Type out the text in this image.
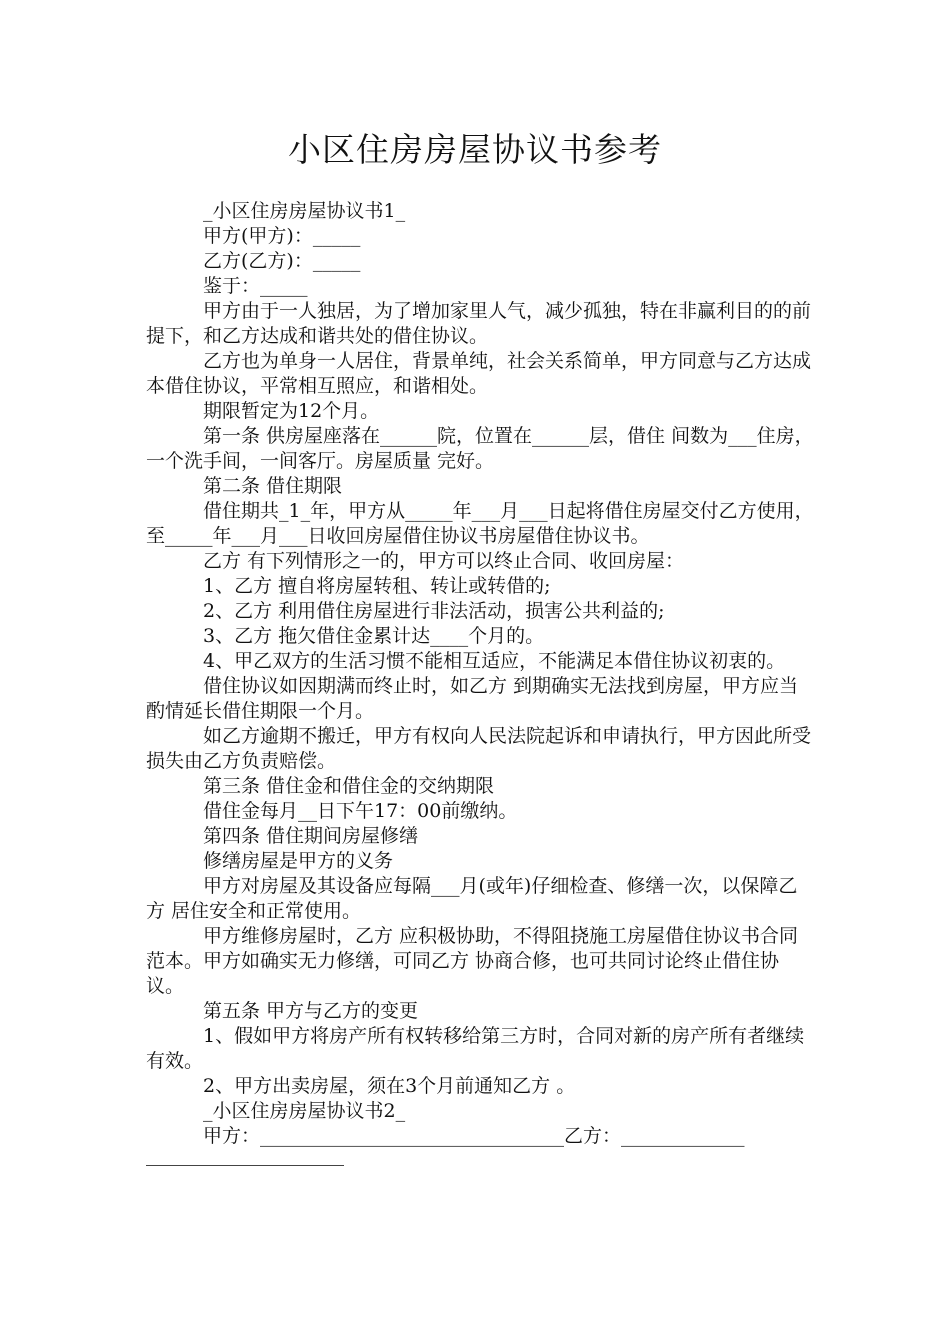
小区住房房屋协议书参考

_小区住房房屋协议书1_

甲方(甲方)：_____

乙方(乙方)：_____

鉴于：_____

甲方由于一人独居，为了增加家里人气，减少孤独，特在非赢利目的的前提下，和乙方达成和谐共处的借住协议。

乙方也为单身一人居住，背景单纯，社会关系简单，甲方同意与乙方达成本借住协议，平常相互照应，和谐相处。

期限暂定为12个月。

第一条 供房屋座落在______院，位置在______层，借住 间数为___住房，一个洗手间，一间客厅。房屋质量 完好。

第二条 借住期限

借住期共_1_年，甲方从_____年___月___日起将借住房屋交付乙方使用，至_____年___月___日收回房屋借住协议书房屋借住协议书。

乙方 有下列情形之一的，甲方可以终止合同、收回房屋：

1、乙方 擅自将房屋转租、转让或转借的;

2、乙方 利用借住房屋进行非法活动，损害公共利益的;

3、乙方 拖欠借住金累计达____个月的。

4、甲乙双方的生活习惯不能相互适应，不能满足本借住协议初衷的。

借住协议如因期满而终止时，如乙方 到期确实无法找到房屋，甲方应当酌情延长借住期限一个月。

如乙方逾期不搬迁，甲方有权向人民法院起诉和申请执行，甲方因此所受损失由乙方负责赔偿。

第三条 借住金和借住金的交纳期限

借住金每月__日下午17：00前缴纳。

第四条 借住期间房屋修缮

修缮房屋是甲方的义务

甲方对房屋及其设备应每隔___月(或年)仔细检查、修缮一次，以保障乙方 居住安全和正常使用。

甲方维修房屋时，乙方 应积极协助，不得阻挠施工房屋借住协议书合同范本。甲方如确实无力修缮，可同乙方 协商合修，也可共同讨论终止借住协议。

第五条 甲方与乙方的变更

1、假如甲方将房产所有权转移给第三方时，合同对新的房产所有者继续有效。

2、甲方出卖房屋，须在3个月前通知乙方 。

_小区住房房屋协议书2_

甲方：________________________________乙方：_____________
